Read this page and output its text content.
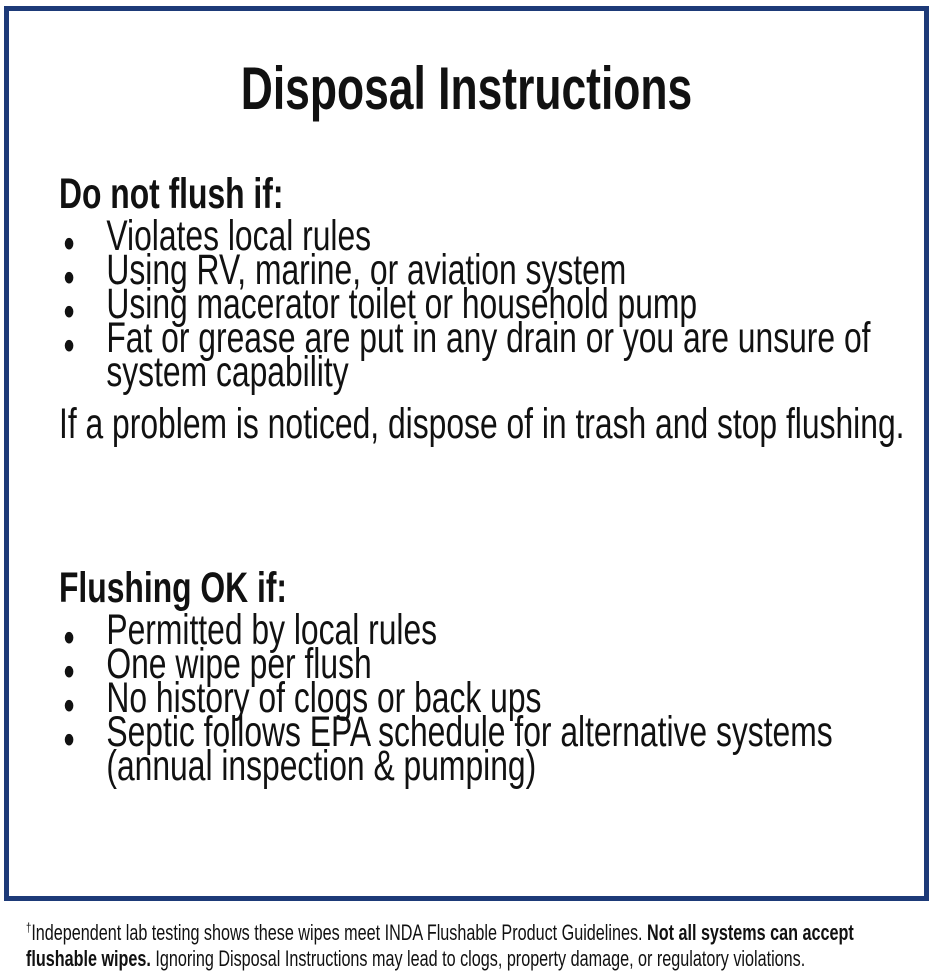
Disposal Instructions
Do not flush if:
• Violates local rules
• Using RV, marine, or aviation system
• Using macerator toilet or household pump
• Fat or grease are put in any drain or you are unsure of
system capability
If a problem is noticed, dispose of in trash and stop flushing.
Flushing OK if:
• Permitted by local rules
• One wipe per flush
• No history of clogs or back ups
• Septic follows EPA schedule for alternative systems
(annual inspection & pumping)
†Independent lab testing shows these wipes meet INDA Flushable Product Guidelines. Not all systems can accept
flushable wipes. Ignoring Disposal Instructions may lead to clogs, property damage, or regulatory violations.
